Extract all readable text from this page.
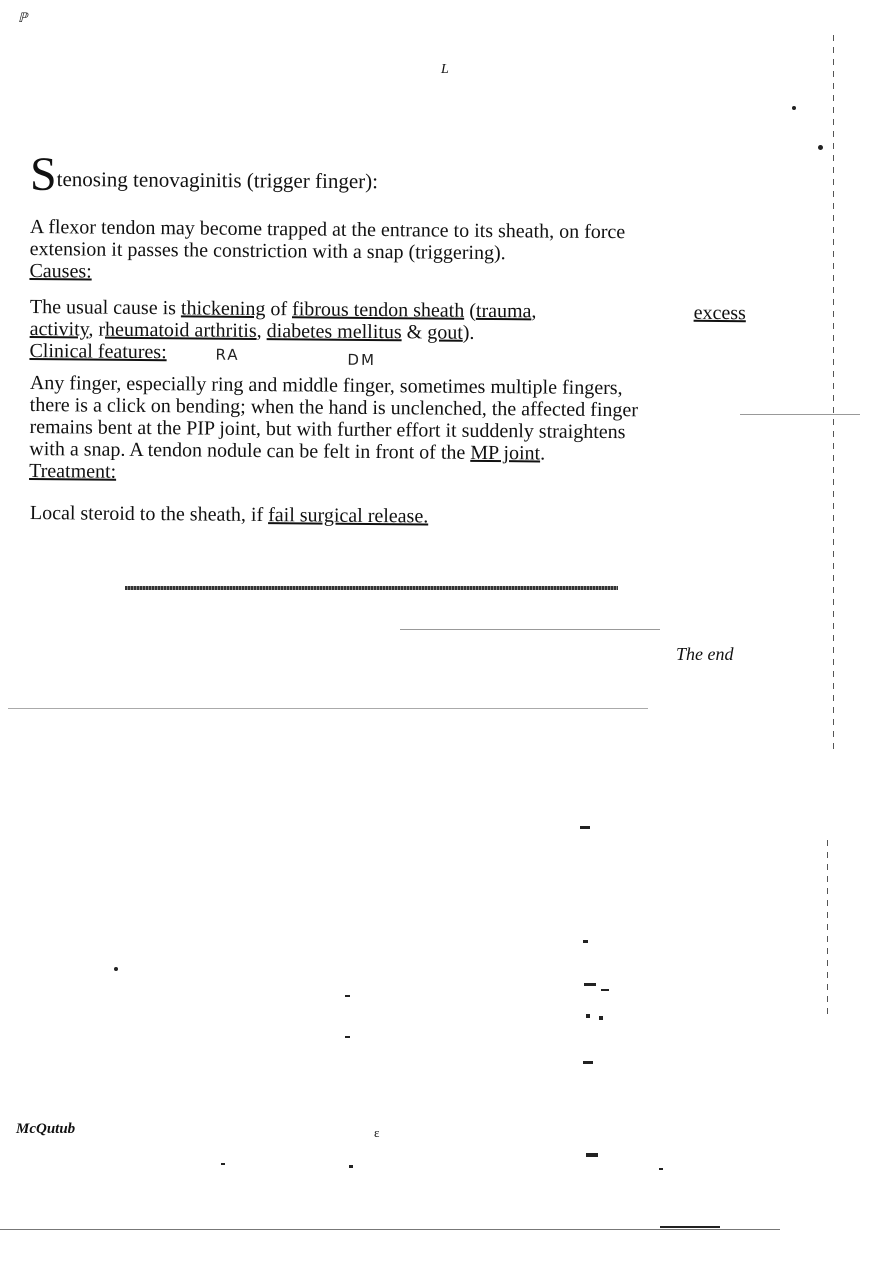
ℙ
L
Stenosing tenovaginitis (trigger finger):
A flexor tendon may become trapped at the entrance to its sheath, on force
extension it passes the constriction with a snap (triggering).
Causes:
The usual cause is thickening of fibrous tendon sheath (trauma,	excess
activity, rheumatoid arthritis, diabetes mellitus & gout).
Clinical features:	RA	DM
Any finger, especially ring and middle finger, sometimes multiple fingers,
there is a click on bending; when the hand is unclenched, the affected finger
remains bent at the PIP joint, but with further effort it suddenly straightens
with a snap. A tendon nodule can be felt in front of the MP joint.
Treatment:
Local steroid to the sheath, if fail surgical release.
The end
McQutub	ε
